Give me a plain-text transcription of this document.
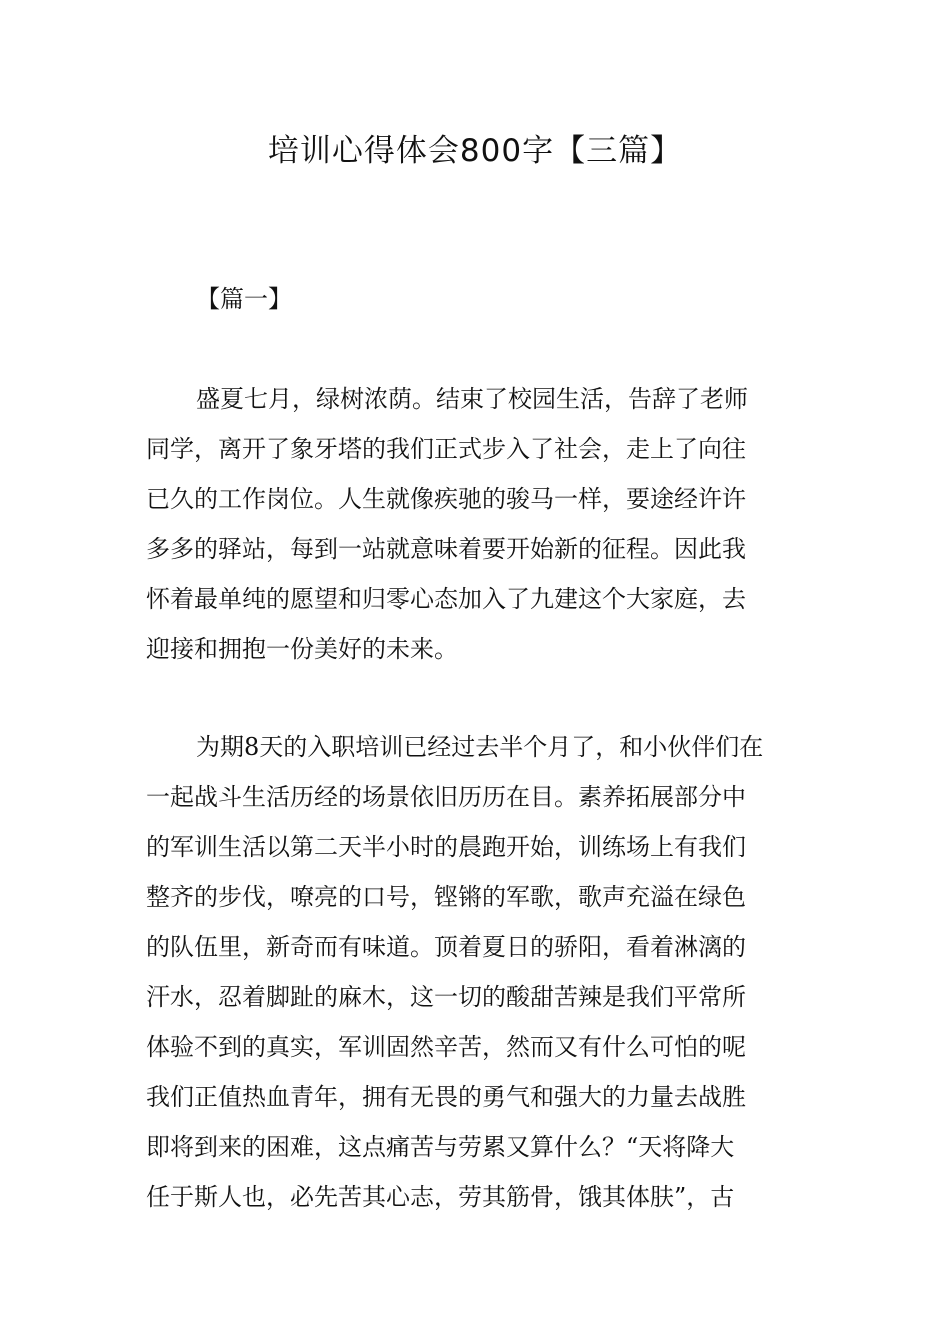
培训心得体会800字【三篇】
【篇一】
盛夏七月，绿树浓荫。结束了校园生活，告辞了老师
同学，离开了象牙塔的我们正式步入了社会，走上了向往
已久的工作岗位。人生就像疾驰的骏马一样，要途经许许
多多的驿站，每到一站就意味着要开始新的征程。因此我
怀着最单纯的愿望和归零心态加入了九建这个大家庭，去
迎接和拥抱一份美好的未来。
为期8天的入职培训已经过去半个月了，和小伙伴们在
一起战斗生活历经的场景依旧历历在目。素养拓展部分中
的军训生活以第二天半小时的晨跑开始，训练场上有我们
整齐的步伐，嘹亮的口号，铿锵的军歌，歌声充溢在绿色
的队伍里，新奇而有味道。顶着夏日的骄阳，看着淋漓的
汗水，忍着脚趾的麻木，这一切的酸甜苦辣是我们平常所
体验不到的真实，军训固然辛苦，然而又有什么可怕的呢
我们正值热血青年，拥有无畏的勇气和强大的力量去战胜
即将到来的困难，这点痛苦与劳累又算什么？“天将降大
任于斯人也，必先苦其心志，劳其筋骨，饿其体肤”，古
